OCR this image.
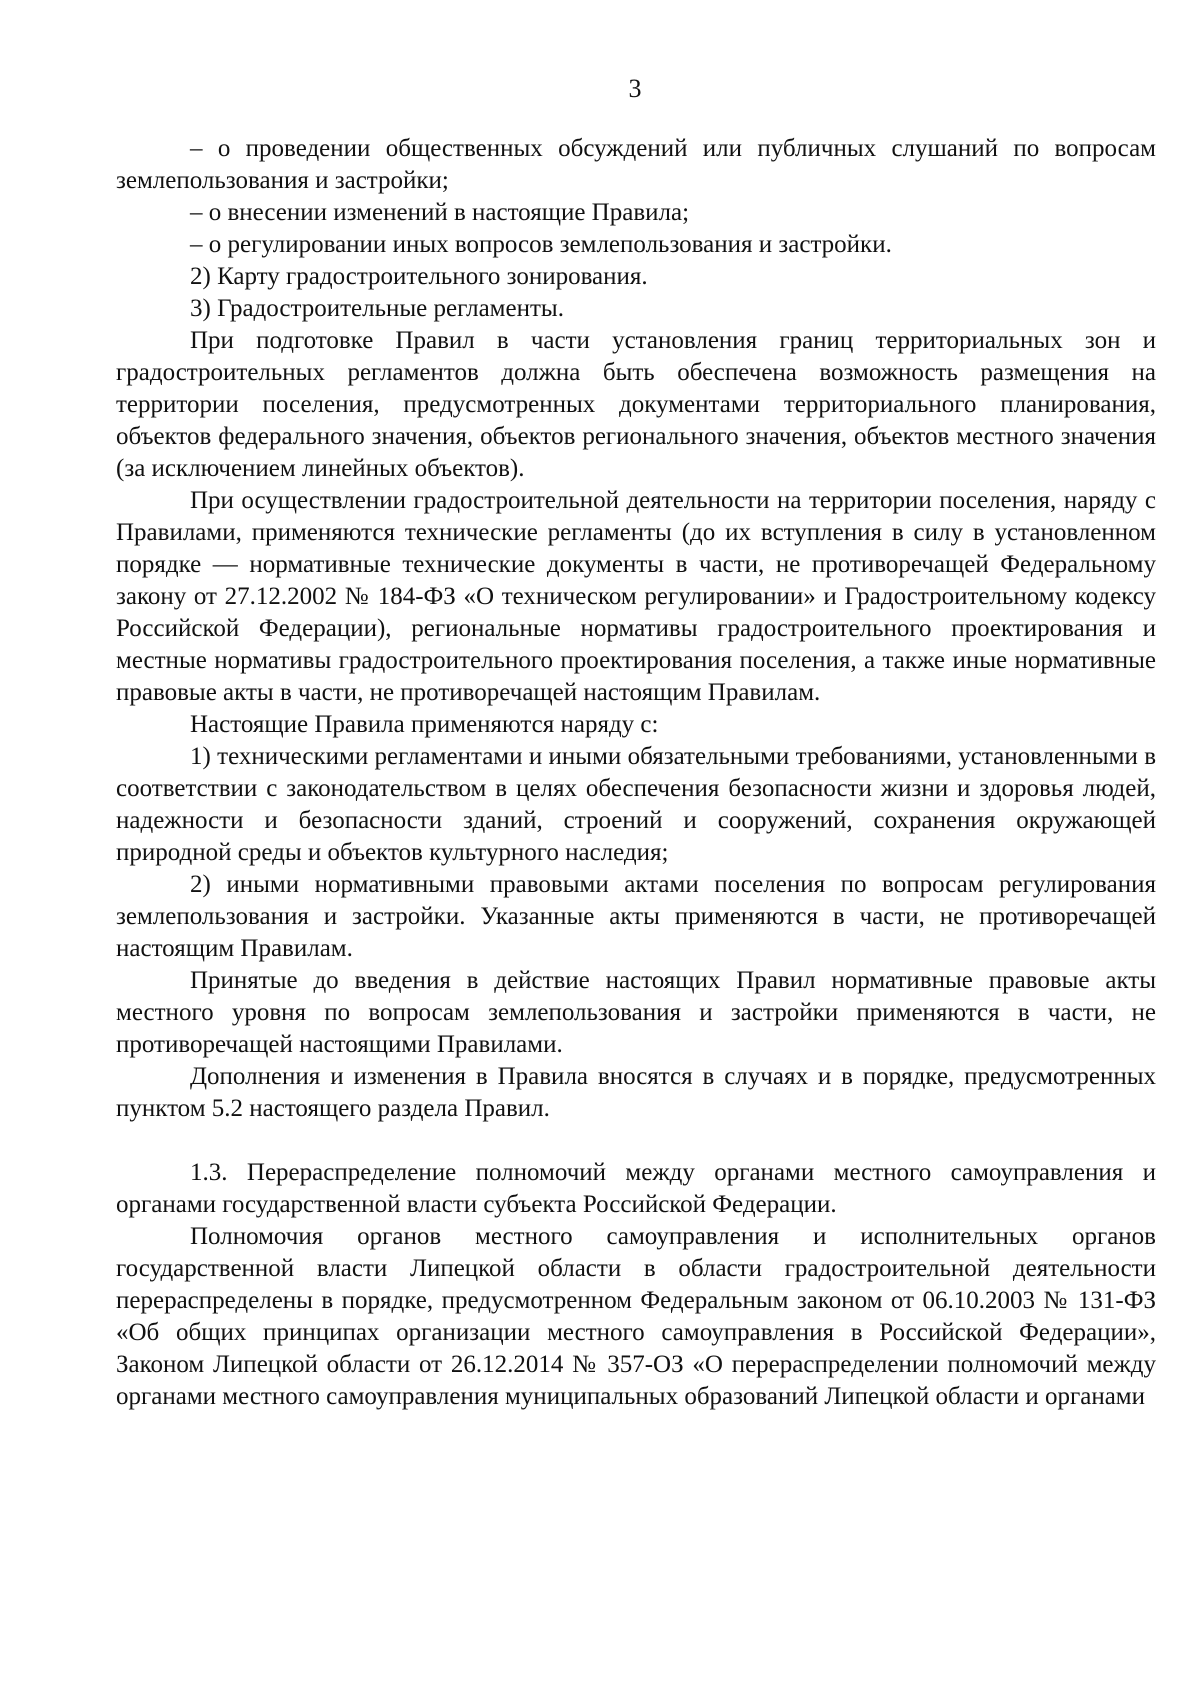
3

– о проведении общественных обсуждений или публичных слушаний по вопросам землепользования и застройки;

– о внесении изменений в настоящие Правила;

– о регулировании иных вопросов землепользования и застройки.

2) Карту градостроительного зонирования.

3) Градостроительные регламенты.

При подготовке Правил в части установления границ территориальных зон и градостроительных регламентов должна быть обеспечена возможность размещения на территории поселения, предусмотренных документами территориального планирования, объектов федерального значения, объектов регионального значения, объектов местного значения (за исключением линейных объектов).

При осуществлении градостроительной деятельности на территории поселения, наряду с Правилами, применяются технические регламенты (до их вступления в силу в установленном порядке — нормативные технические документы в части, не противоречащей Федеральному закону от 27.12.2002 № 184-ФЗ «О техническом регулировании» и Градостроительному кодексу Российской Федерации), региональные нормативы градостроительного проектирования и местные нормативы градостроительного проектирования поселения, а также иные нормативные правовые акты в части, не противоречащей настоящим Правилам.

Настоящие Правила применяются наряду с:

1) техническими регламентами и иными обязательными требованиями, установленными в соответствии с законодательством в целях обеспечения безопасности жизни и здоровья людей, надежности и безопасности зданий, строений и сооружений, сохранения окружающей природной среды и объектов культурного наследия;

2) иными нормативными правовыми актами поселения по вопросам регулирования землепользования и застройки. Указанные акты применяются в части, не противоречащей настоящим Правилам.

Принятые до введения в действие настоящих Правил нормативные правовые акты местного уровня по вопросам землепользования и застройки применяются в части, не противоречащей настоящими Правилами.

Дополнения и изменения в Правила вносятся в случаях и в порядке, предусмотренных пунктом 5.2 настоящего раздела Правил.

1.3. Перераспределение полномочий между органами местного самоуправления и органами государственной власти субъекта Российской Федерации.

Полномочия органов местного самоуправления и исполнительных органов государственной власти Липецкой области в области градостроительной деятельности перераспределены в порядке, предусмотренном Федеральным законом от 06.10.2003 № 131-ФЗ «Об общих принципах организации местного самоуправления в Российской Федерации», Законом Липецкой области от 26.12.2014 № 357-ОЗ «О перераспределении полномочий между органами местного самоуправления муниципальных образований Липецкой области и органами
